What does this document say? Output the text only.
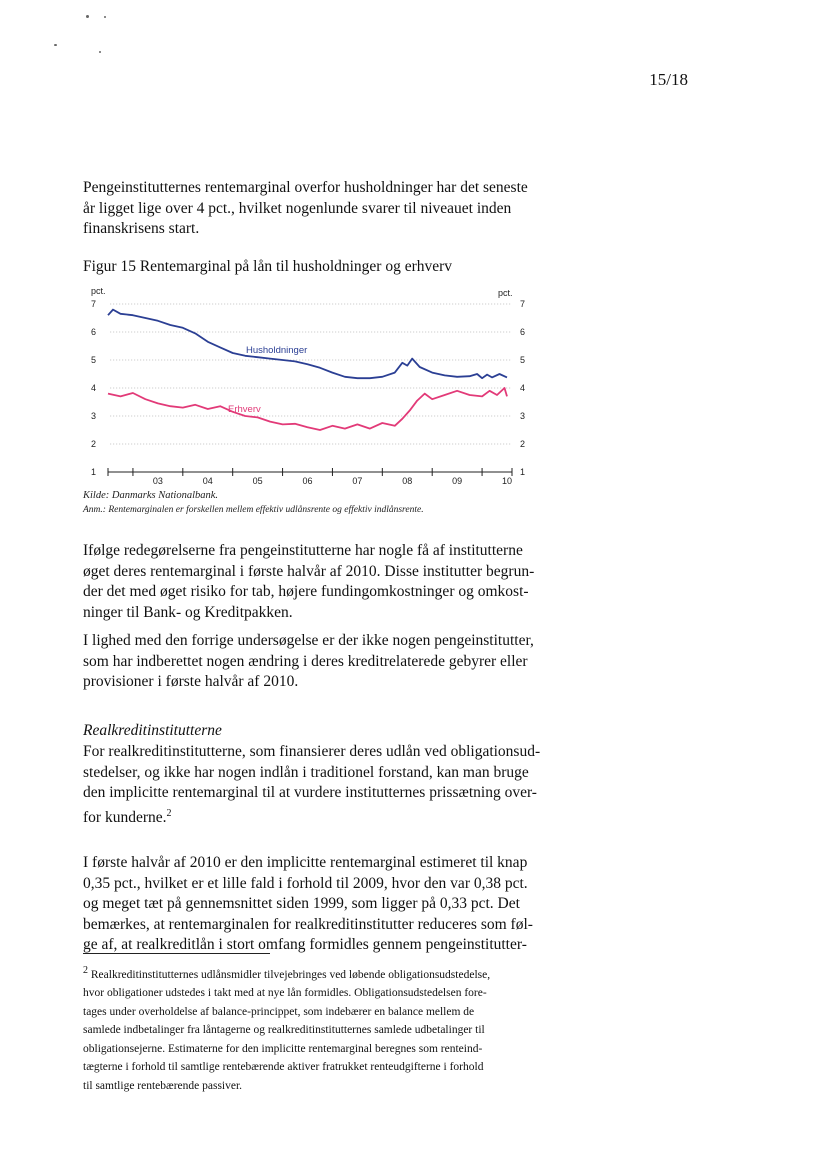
15/18

Pengeinstitutternes rentemarginal overfor husholdninger har det seneste
år ligget lige over 4 pct., hvilket nogenlunde svarer til niveauet inden
finanskrisens start.

Figur 15 Rentemarginal på lån til husholdninger og erhverv
pct.	pct.
1	1
2	2
3	3
4	4
5	5
6	6
7	7
03	04	05	06	07	08	09	10
Husholdninger
Erhverv
Kilde: Danmarks Nationalbank.
Anm.: Rentemarginalen er forskellen mellem effektiv udlånsrente og effektiv indlånsrente.

Ifølge redegørelserne fra pengeinstitutterne har nogle få af institutterne
øget deres rentemarginal i første halvår af 2010. Disse institutter begrun-
der det med øget risiko for tab, højere fundingomkostninger og omkost-
ninger til Bank- og Kreditpakken.

I lighed med den forrige undersøgelse er der ikke nogen pengeinstitutter,
som har indberettet nogen ændring i deres kreditrelaterede gebyrer eller
provisioner i første halvår af 2010.

Realkreditinstitutterne

For realkreditinstitutterne, som finansierer deres udlån ved obligationsud-
stedelser, og ikke har nogen indlån i traditionel forstand, kan man bruge
den implicitte rentemarginal til at vurdere institutternes prissætning over-
for kunderne.$^2$

I første halvår af 2010 er den implicitte rentemarginal estimeret til knap
0,35 pct., hvilket er et lille fald i forhold til 2009, hvor den var 0,38 pct.
og meget tæt på gennemsnittet siden 1999, som ligger på 0,33 pct. Det
bemærkes, at rentemarginalen for realkreditinstitutter reduceres som føl-
ge af, at realkreditlån i stort omfang formidles gennem pengeinstitutter-

$^2$ Realkreditinstitutternes udlånsmidler tilvejebringes ved løbende obligationsudstedelse,
hvor obligationer udstedes i takt med at nye lån formidles. Obligationsudstedelsen fore-
tages under overholdelse af balance-princippet, som indebærer en balance mellem de
samlede indbetalinger fra låntagerne og realkreditinstitutternes samlede udbetalinger til
obligationsejerne. Estimaterne for den implicitte rentemarginal beregnes som renteind-
tægterne i forhold til samtlige rentebærende aktiver fratrukket renteudgifterne i forhold
til samtlige rentebærende passiver.
